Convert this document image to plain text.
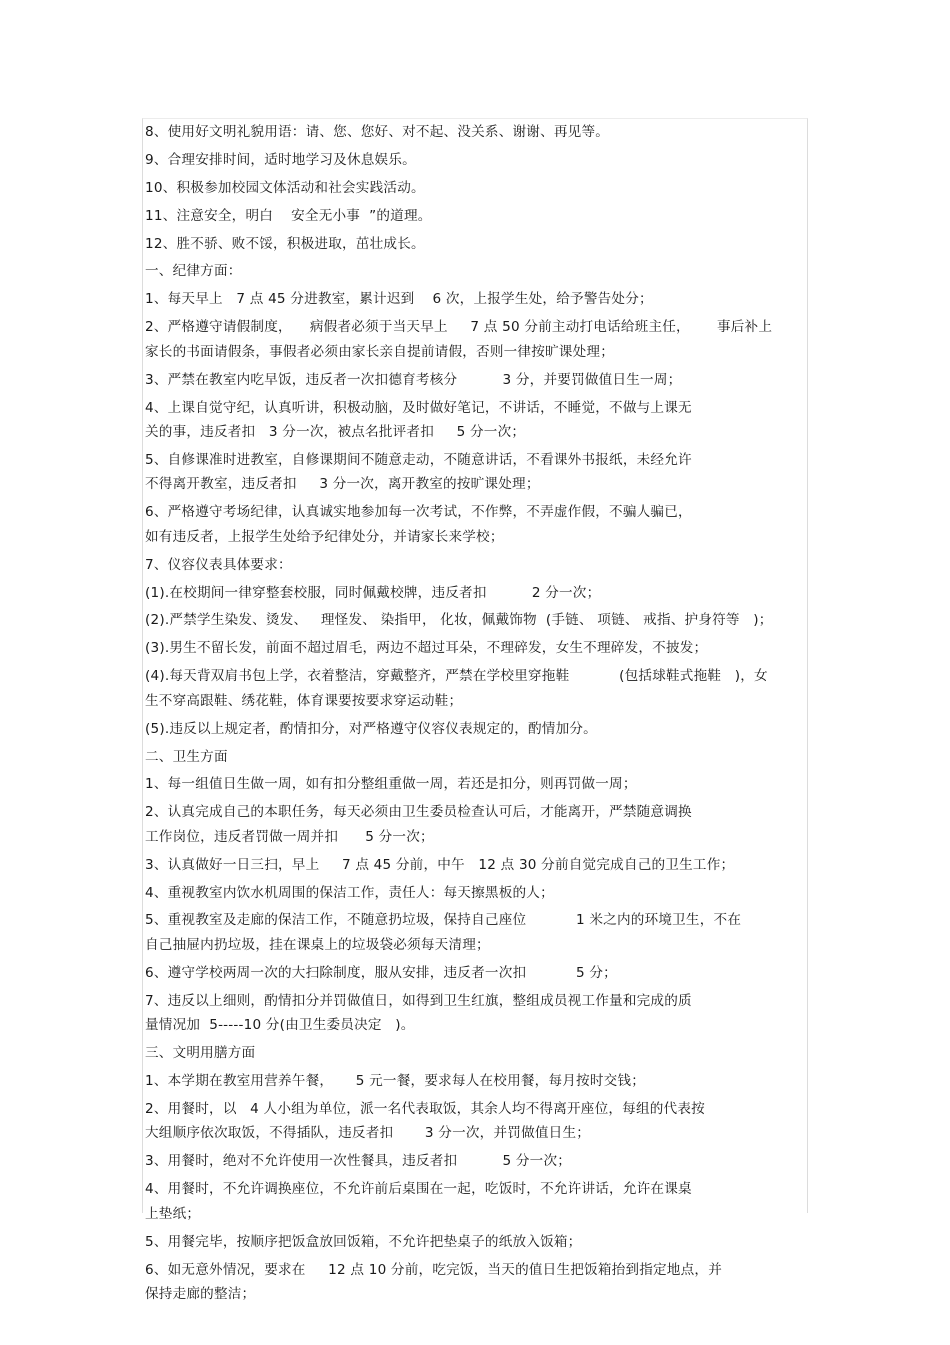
8、使用好文明礼貌用语：请、您、您好、对不起、没关系、谢谢、再见等。
9、合理安排时间，适时地学习及休息娱乐。
10、积极参加校园文体活动和社会实践活动。
11、注意安全，明白    安全无小事  ”的道理。
12、胜不骄、败不馁，积极进取，茁壮成长。
一、纪律方面：
1、每天早上   7 点 45 分进教室，累计迟到    6 次，上报学生处，给予警告处分；
2、严格遵守请假制度，    病假者必须于当天早上     7 点 50 分前主动打电话给班主任，      事后补上
家长的书面请假条，事假者必须由家长亲自提前请假，否则一律按旷课处理；
3、严禁在教室内吃早饭，违反者一次扣德育考核分          3 分，并要罚做值日生一周；
4、上课自觉守纪，认真听讲，积极动脑，及时做好笔记，不讲话，不睡觉，不做与上课无
关的事，违反者扣   3 分一次，被点名批评者扣     5 分一次；
5、自修课准时进教室，自修课期间不随意走动，不随意讲话，不看课外书报纸，未经允许
不得离开教室，违反者扣     3 分一次，离开教室的按旷课处理；
6、严格遵守考场纪律，认真诚实地参加每一次考试，不作弊，不弄虚作假，不骗人骗已，
如有违反者，上报学生处给予纪律处分，并请家长来学校；
7、仪容仪表具体要求：
(1).在校期间一律穿整套校服，同时佩戴校牌，违反者扣          2 分一次；
(2).严禁学生染发、烫发、   理怪发、 染指甲， 化妆，佩戴饰物  (手链、 项链、 戒指、护身符等   )；
(3).男生不留长发，前面不超过眉毛，两边不超过耳朵，不理碎发，女生不理碎发，不披发；
(4).每天背双肩书包上学，衣着整洁，穿戴整齐，严禁在学校里穿拖鞋           (包括球鞋式拖鞋   )，女
生不穿高跟鞋、绣花鞋，体育课要按要求穿运动鞋；
(5).违反以上规定者，酌情扣分，对严格遵守仪容仪表规定的，酌情加分。
二、卫生方面
1、每一组值日生做一周，如有扣分整组重做一周，若还是扣分，则再罚做一周；
2、认真完成自己的本职任务，每天必须由卫生委员检查认可后，才能离开，严禁随意调换
工作岗位，违反者罚做一周并扣      5 分一次；
3、认真做好一日三扫，早上     7 点 45 分前，中午   12 点 30 分前自觉完成自己的卫生工作；
4、重视教室内饮水机周围的保洁工作，责任人：每天擦黑板的人；
5、重视教室及走廊的保洁工作，不随意扔垃圾，保持自己座位           1 米之内的环境卫生，不在
自己抽屉内扔垃圾，挂在课桌上的垃圾袋必须每天清理；
6、遵守学校两周一次的大扫除制度，服从安排，违反者一次扣           5 分；
7、违反以上细则，酌情扣分并罚做值日，如得到卫生红旗，整组成员视工作量和完成的质
量情况加  5-----10 分(由卫生委员决定   )。
三、文明用膳方面
1、本学期在教室用营养午餐，     5 元一餐，要求每人在校用餐，每月按时交钱；
2、用餐时，以   4 人小组为单位，派一名代表取饭，其余人均不得离开座位，每组的代表按
大组顺序依次取饭，不得插队，违反者扣       3 分一次，并罚做值日生；
3、用餐时，绝对不允许使用一次性餐具，违反者扣          5 分一次；
4、用餐时，不允许调换座位，不允许前后桌围在一起，吃饭时，不允许讲话，允许在课桌
上垫纸；
5、用餐完毕，按顺序把饭盒放回饭箱，不允许把垫桌子的纸放入饭箱；
6、如无意外情况，要求在     12 点 10 分前，吃完饭，当天的值日生把饭箱抬到指定地点，并
保持走廊的整洁；
